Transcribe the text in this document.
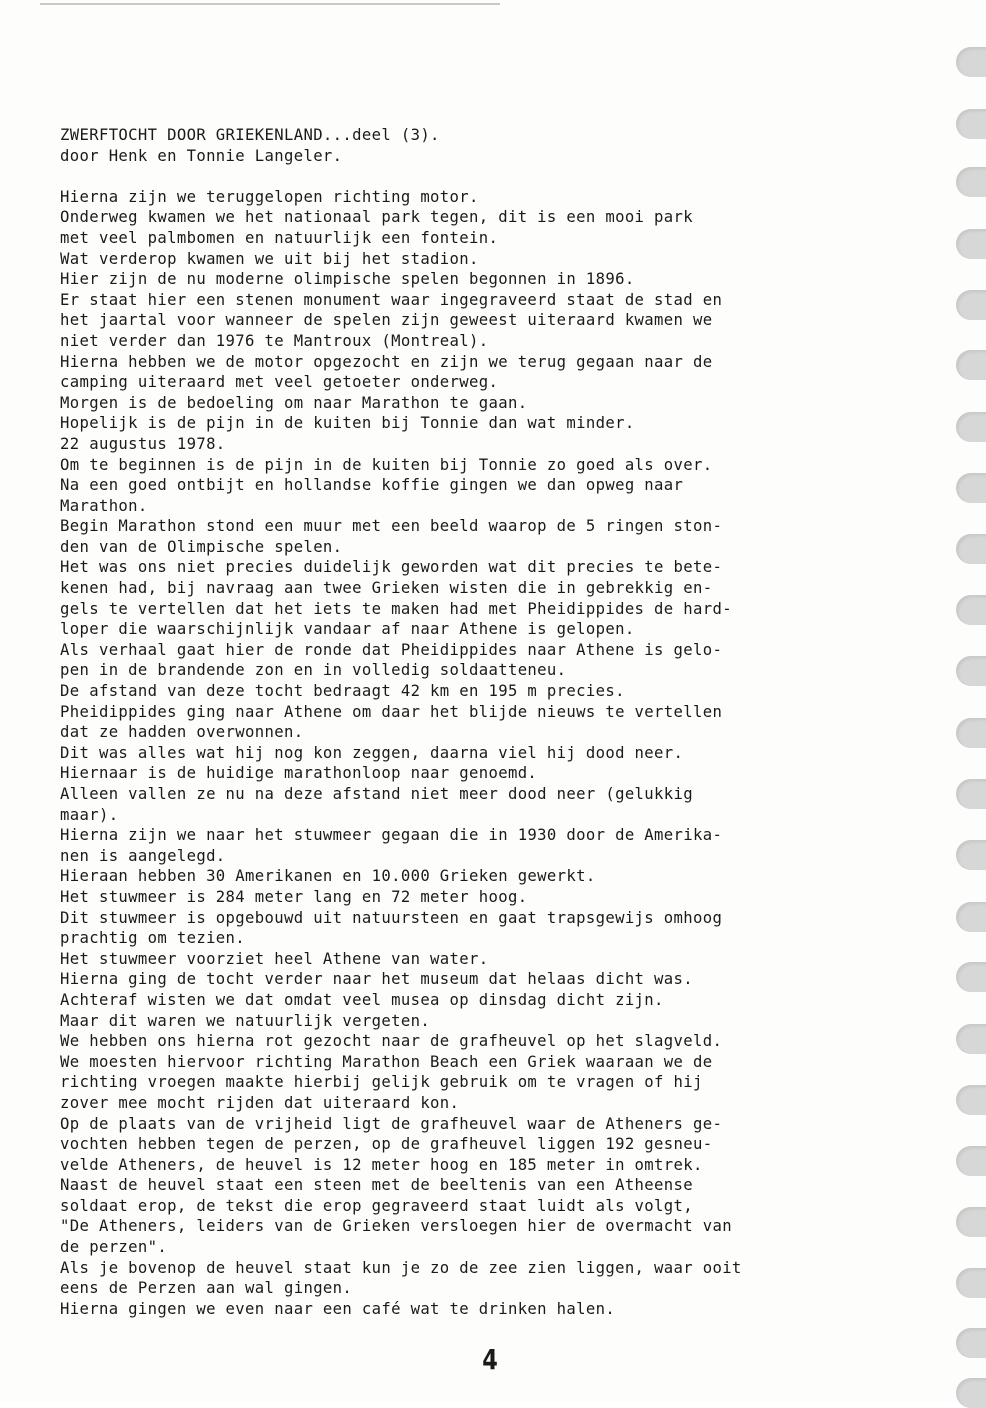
ZWERFTOCHT DOOR GRIEKENLAND...deel (3).
door Henk en Tonnie Langeler.
Hierna zijn we teruggelopen richting motor.
Onderweg kwamen we het nationaal park tegen, dit is een mooi park
met veel palmbomen en natuurlijk een fontein.
Wat verderop kwamen we uit bij het stadion.
Hier zijn de nu moderne olimpische spelen begonnen in 1896.
Er staat hier een stenen monument waar ingegraveerd staat de stad en
het jaartal voor wanneer de spelen zijn geweest uiteraard kwamen we
niet verder dan 1976 te Mantroux (Montreal).
Hierna hebben we de motor opgezocht en zijn we terug gegaan naar de
camping uiteraard met veel getoeter onderweg.
Morgen is de bedoeling om naar Marathon te gaan.
Hopelijk is de pijn in de kuiten bij Tonnie dan wat minder.
22 augustus 1978.
Om te beginnen is de pijn in de kuiten bij Tonnie zo goed als over.
Na een goed ontbijt en hollandse koffie gingen we dan opweg naar
Marathon.
Begin Marathon stond een muur met een beeld waarop de 5 ringen ston-
den van de Olimpische spelen.
Het was ons niet precies duidelijk geworden wat dit precies te bete-
kenen had, bij navraag aan twee Grieken wisten die in gebrekkig en-
gels te vertellen dat het iets te maken had met Pheidippides de hard-
loper die waarschijnlijk vandaar af naar Athene is gelopen.
Als verhaal gaat hier de ronde dat Pheidippides naar Athene is gelo-
pen in de brandende zon en in volledig soldaatteneu.
De afstand van deze tocht bedraagt 42 km en 195 m precies.
Pheidippides ging naar Athene om daar het blijde nieuws te vertellen
dat ze hadden overwonnen.
Dit was alles wat hij nog kon zeggen, daarna viel hij dood neer.
Hiernaar is de huidige marathonloop naar genoemd.
Alleen vallen ze nu na deze afstand niet meer dood neer (gelukkig
maar).
Hierna zijn we naar het stuwmeer gegaan die in 1930 door de Amerika-
nen is aangelegd.
Hieraan hebben 30 Amerikanen en 10.000 Grieken gewerkt.
Het stuwmeer is 284 meter lang en 72 meter hoog.
Dit stuwmeer is opgebouwd uit natuursteen en gaat trapsgewijs omhoog
prachtig om tezien.
Het stuwmeer voorziet heel Athene van water.
Hierna ging de tocht verder naar het museum dat helaas dicht was.
Achteraf wisten we dat omdat veel musea op dinsdag dicht zijn.
Maar dit waren we natuurlijk vergeten.
We hebben ons hierna rot gezocht naar de grafheuvel op het slagveld.
We moesten hiervoor richting Marathon Beach een Griek waaraan we de
richting vroegen maakte hierbij gelijk gebruik om te vragen of hij
zover mee mocht rijden dat uiteraard kon.
Op de plaats van de vrijheid ligt de grafheuvel waar de Atheners ge-
vochten hebben tegen de perzen, op de grafheuvel liggen 192 gesneu-
velde Atheners, de heuvel is 12 meter hoog en 185 meter in omtrek.
Naast de heuvel staat een steen met de beeltenis van een Atheense
soldaat erop, de tekst die erop gegraveerd staat luidt als volgt,
"De Atheners, leiders van de Grieken versloegen hier de overmacht van
de perzen".
Als je bovenop de heuvel staat kun je zo de zee zien liggen, waar ooit
eens de Perzen aan wal gingen.
Hierna gingen we even naar een café wat te drinken halen.
4
